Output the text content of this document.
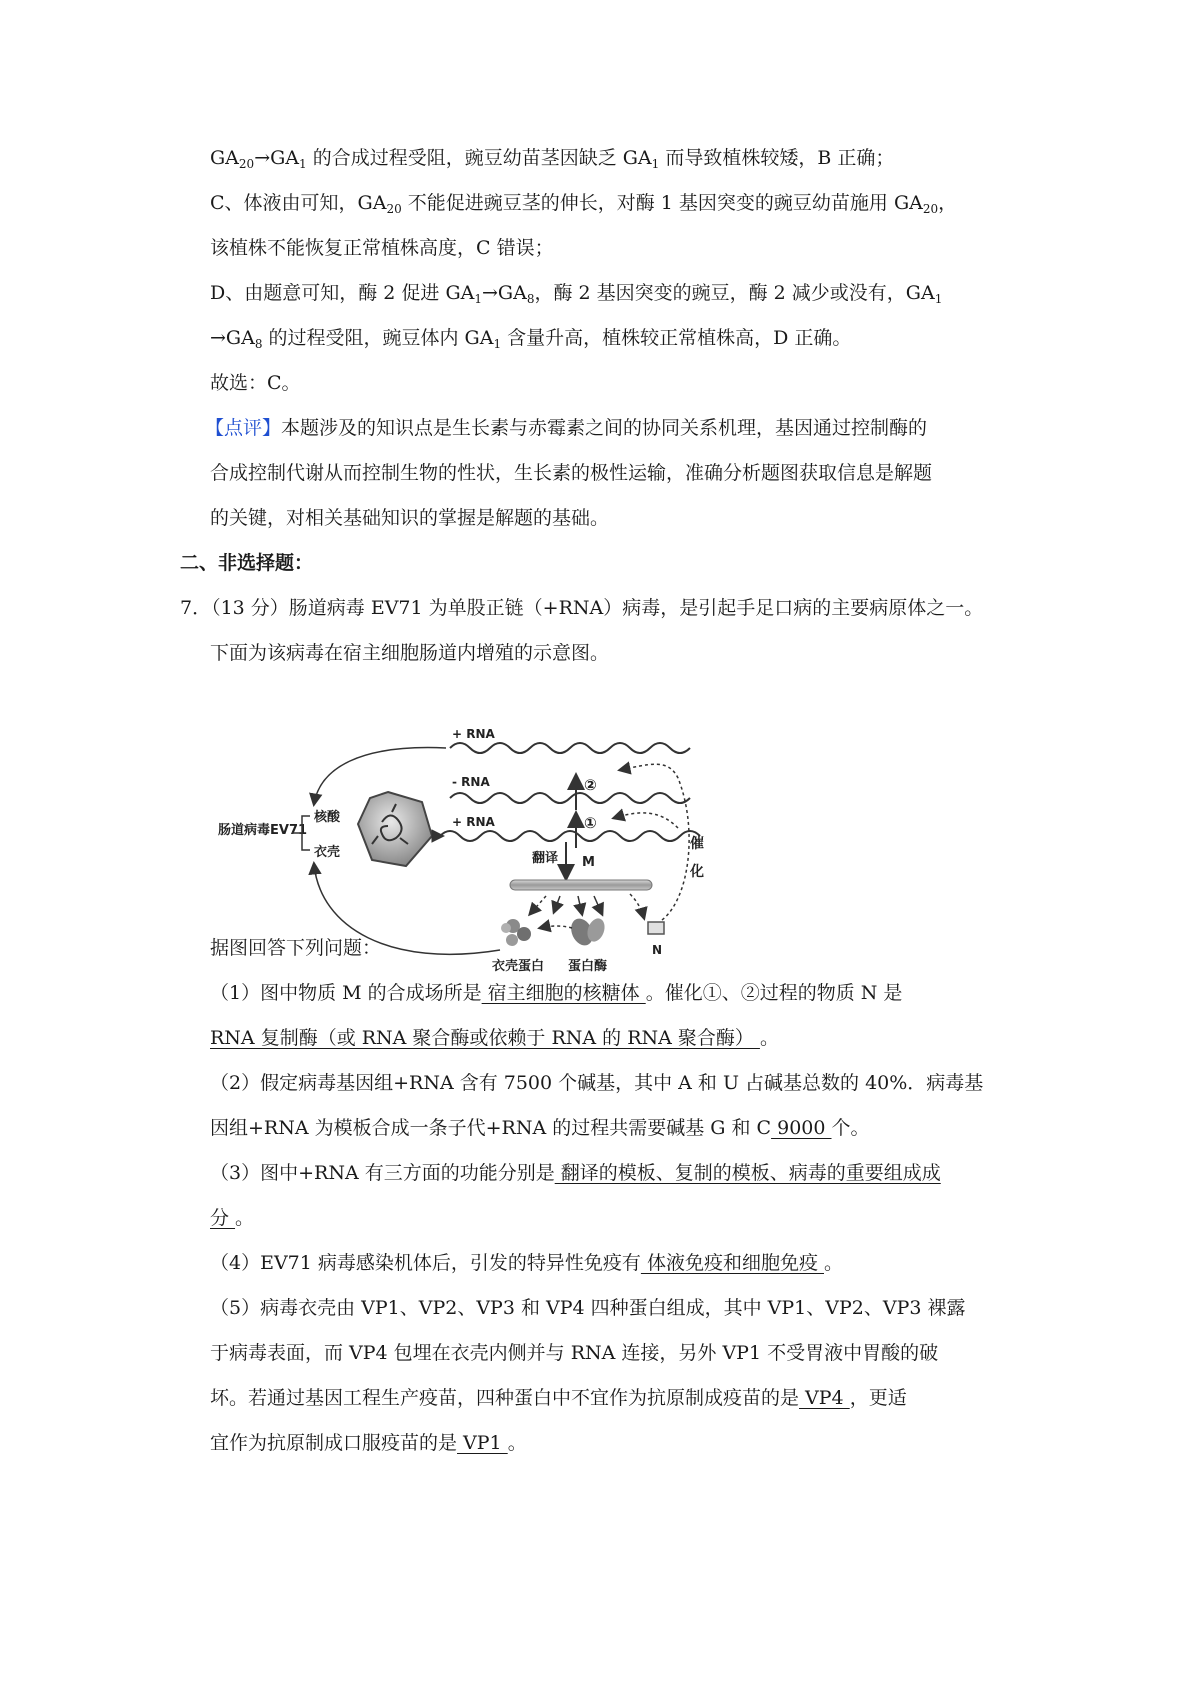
$GA_{20}\to GA_1$ 的合成过程受阻，豌豆幼苗茎因缺乏 $GA_1$ 而导致植株较矮，B 正确；
C、体液由可知，$GA_{20}$ 不能促进豌豆茎的伸长，对酶 1 基因突变的豌豆幼苗施用 $GA_{20}$，
该植株不能恢复正常植株高度，C 错误；
D、由题意可知，酶 2 促进 $GA_1\to GA_8$，酶 2 基因突变的豌豆，酶 2 减少或没有，$GA_1$
$\to GA_8$ 的过程受阻，豌豆体内 $GA_1$ 含量升高，植株较正常植株高，D 正确。
故选：C。
【点评】本题涉及的知识点是生长素与赤霉素之间的协同关系机理，基因通过控制酶的
合成控制代谢从而控制生物的性状，生长素的极性运输，准确分析题图获取信息是解题
的关键，对相关基础知识的掌握是解题的基础。
二、非选择题：
7．（13 分）肠道病毒 EV71 为单股正链（+RNA）病毒，是引起手足口病的主要病原体之一。
下面为该病毒在宿主细胞肠道内增殖的示意图。
肠道病毒EV71
核酸
衣壳
+ RNA
- RNA
+ RNA
②
①
翻译 M
衣壳蛋白 蛋白酶
N
催
化
据图回答下列问题：
（1）图中物质 M 的合成场所是 宿主细胞的核糖体 。催化①、②过程的物质 N 是
RNA 复制酶（或 RNA 聚合酶或依赖于 RNA 的 RNA 聚合酶） 。
（2）假定病毒基因组+RNA 含有 7500 个碱基，其中 A 和 U 占碱基总数的 40%．病毒基
因组+RNA 为模板合成一条子代+RNA 的过程共需要碱基 G 和 C 9000 个。
（3）图中+RNA 有三方面的功能分别是 翻译的模板、复制的模板、病毒的重要组成成
分 。
（4）EV71 病毒感染机体后，引发的特异性免疫有 体液免疫和细胞免疫 。
（5）病毒衣壳由 VP1、VP2、VP3 和 VP4 四种蛋白组成，其中 VP1、VP2、VP3 裸露
于病毒表面，而 VP4 包埋在衣壳内侧并与 RNA 连接，另外 VP1 不受胃液中胃酸的破
坏。若通过基因工程生产疫苗，四种蛋白中不宜作为抗原制成疫苗的是 VP4 ，更适
宜作为抗原制成口服疫苗的是 VP1 。
